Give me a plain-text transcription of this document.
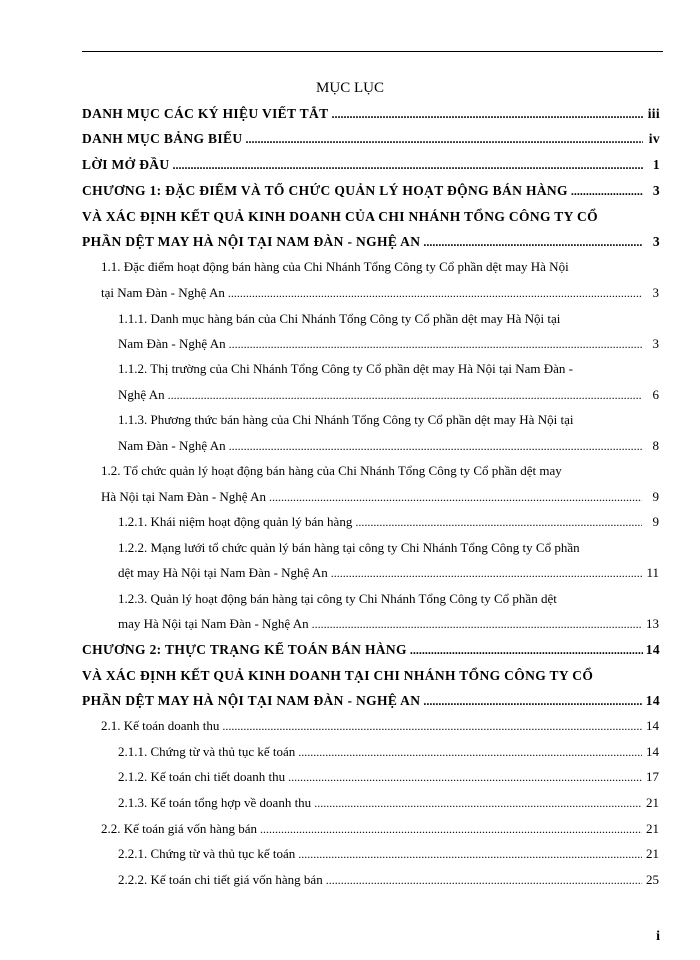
MỤC LỤC
DANH MỤC CÁC KÝ HIỆU VIẾT TẮT .....	iii
DANH MỤC BẢNG BIỂU .....	iv
LỜI MỞ ĐẦU .....	1
CHƯƠNG 1: ĐẶC ĐIỂM VÀ TỔ CHỨC QUẢN LÝ HOẠT ĐỘNG BÁN HÀNG .....	3
VÀ XÁC ĐỊNH KẾT QUẢ KINH DOANH CỦA CHI NHÁNH TỔNG CÔNG TY CỔ
PHẦN DỆT MAY HÀ NỘI TẠI NAM ĐÀN - NGHỆ AN .....	3
1.1. Đặc điểm hoạt động bán hàng của Chi Nhánh Tổng Công ty Cổ phần dệt may Hà Nội
tại Nam Đàn - Nghệ An .....	3
1.1.1. Danh mục hàng bán của Chi Nhánh Tổng Công ty Cổ phần dệt may Hà Nội tại
Nam Đàn - Nghệ An .....	3
1.1.2. Thị trường của Chi Nhánh Tổng Công ty Cổ phần dệt may Hà Nội tại Nam Đàn -
Nghệ An .....	6
1.1.3. Phương thức bán hàng của Chi Nhánh Tổng Công ty Cổ phần dệt may Hà Nội tại
Nam Đàn - Nghệ An .....	8
1.2. Tổ chức quản lý hoạt động bán hàng của Chi Nhánh Tổng Công ty Cổ phần dệt may
Hà Nội tại Nam Đàn - Nghệ An .....	9
1.2.1. Khái niệm hoạt động quản lý bán hàng .....	9
1.2.2. Mạng lưới tổ chức quản lý bán hàng tại công ty Chi Nhánh Tổng Công ty Cổ phần
dệt may Hà Nội tại Nam Đàn - Nghệ An .....	11
1.2.3. Quản lý hoạt động bán hàng tại công ty Chi Nhánh Tổng Công ty Cổ phần dệt
may Hà Nội tại Nam Đàn - Nghệ An .....	13
CHƯƠNG 2: THỰC TRẠNG KẾ TOÁN BÁN HÀNG .....	14
VÀ XÁC ĐỊNH KẾT QUẢ KINH DOANH TẠI CHI NHÁNH TỔNG CÔNG TY CỔ
PHẦN DỆT MAY HÀ NỘI TẠI NAM ĐÀN - NGHỆ AN .....	14
2.1. Kế toán doanh thu .....	14
2.1.1. Chứng từ và thủ tục kế toán .....	14
2.1.2. Kế toán chi tiết doanh thu .....	17
2.1.3. Kế toán tổng hợp về doanh thu .....	21
2.2. Kế toán giá vốn hàng bán .....	21
2.2.1. Chứng từ và thủ tục kế toán .....	21
2.2.2. Kế toán chi tiết giá vốn hàng bán .....	25
i
